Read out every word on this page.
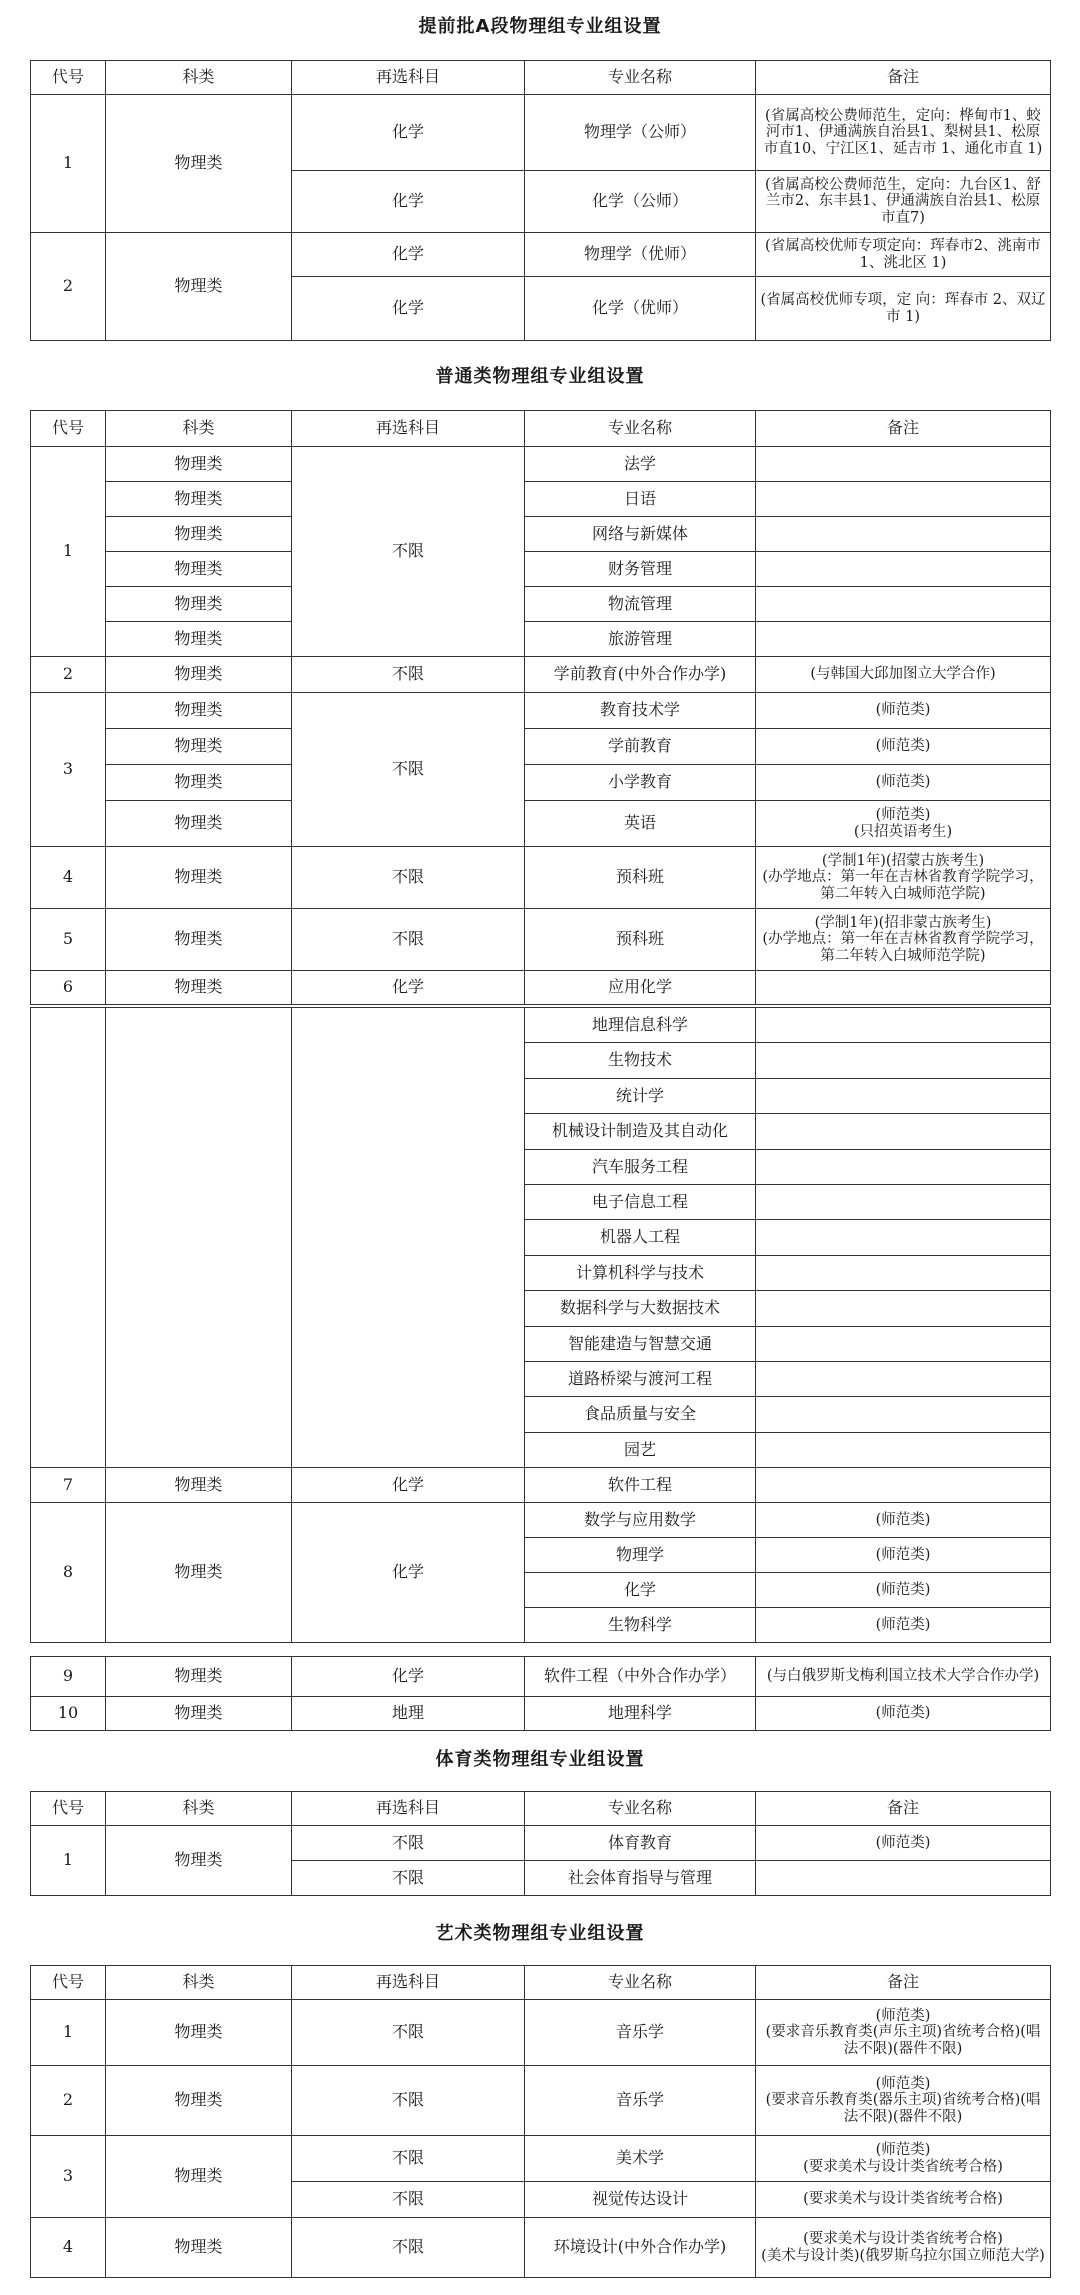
提前批A段物理组专业组设置
代号	科类	再选科目	专业名称	备注
1	物理类	化学	物理学（公师）	(省属高校公费师范生，定向：桦甸市1、蛟河市1、伊通满族自治县1、梨树县1、松原市直10、宁江区1、延吉市 1、通化市直 1)
		化学	化学（公师）	(省属高校公费师范生，定向：九台区1、舒兰市2、东丰县1、伊通满族自治县1、松原市直7)
2	物理类	化学	物理学（优师）	(省属高校优师专项定向：珲春市2、洮南市 1、洮北区 1)
		化学	化学（优师）	(省属高校优师专项，定 向：珲春市 2、双辽市 1)
普通类物理组专业组设置
代号	科类	再选科目	专业名称	备注
1	物理类	不限	法学	
	物理类		日语	
	物理类		网络与新媒体	
	物理类		财务管理	
	物理类		物流管理	
	物理类		旅游管理	
2	物理类	不限	学前教育(中外合作办学)	(与韩国大邱加图立大学合作)
3	物理类	不限	教育技术学	(师范类)
	物理类		学前教育	(师范类)
	物理类		小学教育	(师范类)
	物理类		英语	(师范类)
(只招英语考生)
4	物理类	不限	预科班	(学制1年)(招蒙古族考生)
(办学地点：第一年在吉林省教育学院学习，第二年转入白城师范学院)
5	物理类	不限	预科班	(学制1年)(招非蒙古族考生)
(办学地点：第一年在吉林省教育学院学习，第二年转入白城师范学院)
6	物理类	化学	应用化学	
			地理信息科学	
			生物技术	
			统计学	
			机械设计制造及其自动化	
			汽车服务工程	
			电子信息工程	
			机器人工程	
			计算机科学与技术	
			数据科学与大数据技术	
			智能建造与智慧交通	
			道路桥梁与渡河工程	
			食品质量与安全	
			园艺	
7	物理类	化学	软件工程	
8	物理类	化学	数学与应用数学	(师范类)
			物理学	(师范类)
			化学	(师范类)
			生物科学	(师范类)
9	物理类	化学	软件工程（中外合作办学）	(与白俄罗斯戈梅利国立技术大学合作办学)
10	物理类	地理	地理科学	(师范类)
体育类物理组专业组设置
代号	科类	再选科目	专业名称	备注
1	物理类	不限	体育教育	(师范类)
		不限	社会体育指导与管理	
艺术类物理组专业组设置
代号	科类	再选科目	专业名称	备注
1	物理类	不限	音乐学	(师范类)
(要求音乐教育类(声乐主项)省统考合格)(唱法不限)(器件不限)
2	物理类	不限	音乐学	(师范类)
(要求音乐教育类(器乐主项)省统考合格)(唱法不限)(器件不限)
3	物理类	不限	美术学	(师范类)
(要求美术与设计类省统考合格)
		不限	视觉传达设计	(要求美术与设计类省统考合格)
4	物理类	不限	环境设计(中外合作办学)	(要求美术与设计类省统考合格)
(美术与设计类)(俄罗斯乌拉尔国立师范大学)
